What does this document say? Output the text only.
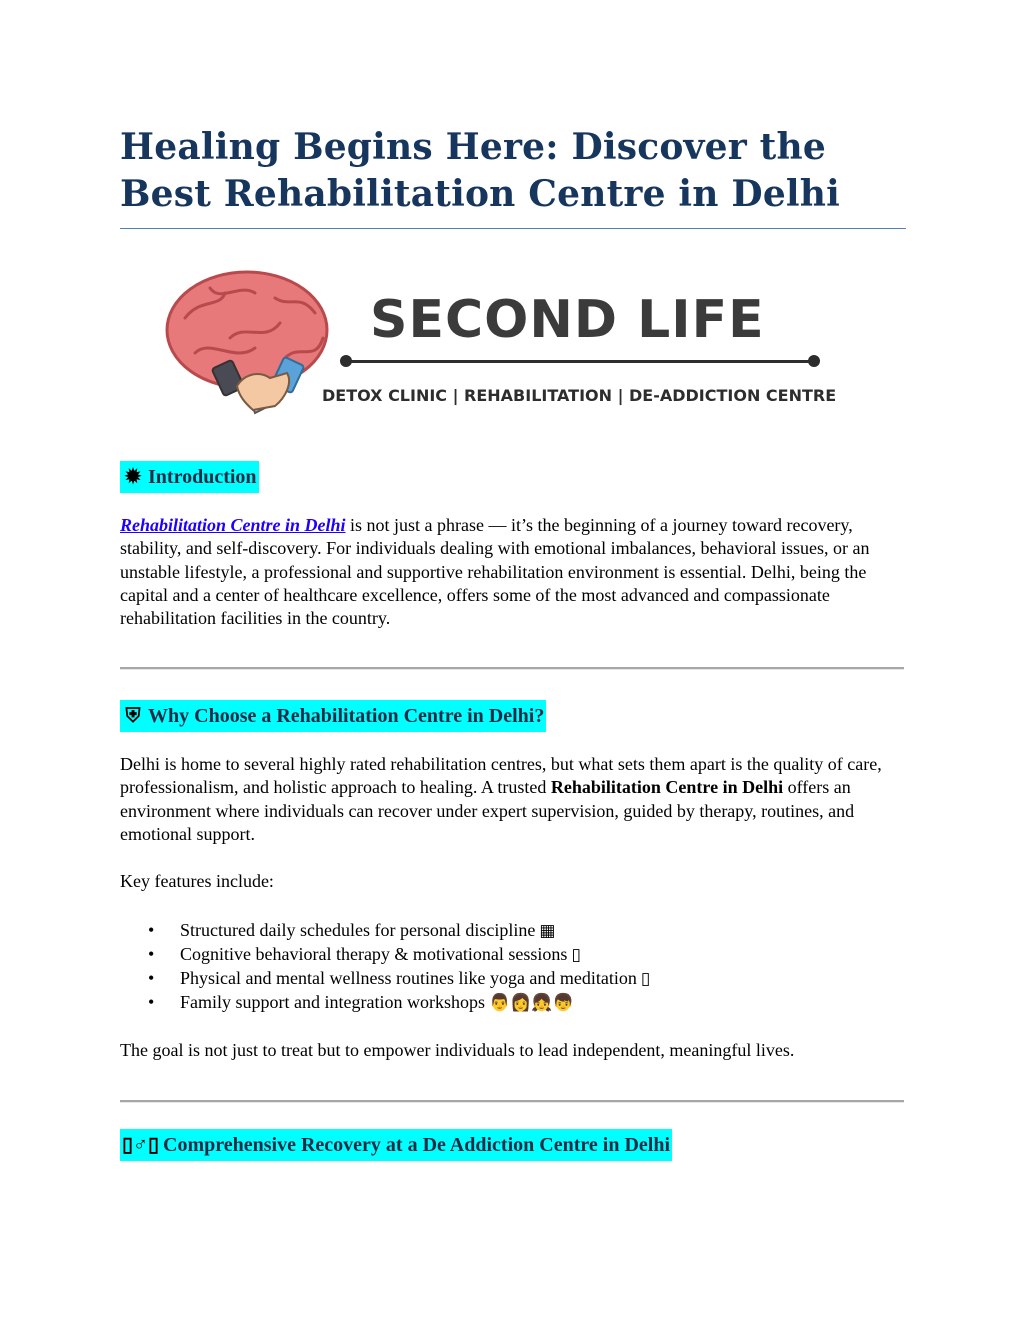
Healing Begins Here: Discover the Best Rehabilitation Centre in Delhi
SECOND LIFE

DETOX CLINIC | REHABILITATION | DE-ADDICTION CENTRE

✹ Introduction

Rehabilitation Centre in Delhi is not just a phrase — it’s the beginning of a journey toward recovery, stability, and self-discovery. For individuals dealing with emotional imbalances, behavioral issues, or an unstable lifestyle, a professional and supportive rehabilitation environment is essential. Delhi, being the capital and a center of healthcare excellence, offers some of the most advanced and compassionate rehabilitation facilities in the country.

⛨ Why Choose a Rehabilitation Centre in Delhi?

Delhi is home to several highly rated rehabilitation centres, but what sets them apart is the quality of care, professionalism, and holistic approach to healing. A trusted Rehabilitation Centre in Delhi offers an environment where individuals can recover under expert supervision, guided by therapy, routines, and emotional support.

Key features include:

• Structured daily schedules for personal discipline ▦
• Cognitive behavioral therapy & motivational sessions ▯
• Physical and mental wellness routines like yoga and meditation ▯
• Family support and integration workshops 👨👩👧👦

The goal is not just to treat but to empower individuals to lead independent, meaningful lives.

▯♂▯ Comprehensive Recovery at a De Addiction Centre in Delhi
